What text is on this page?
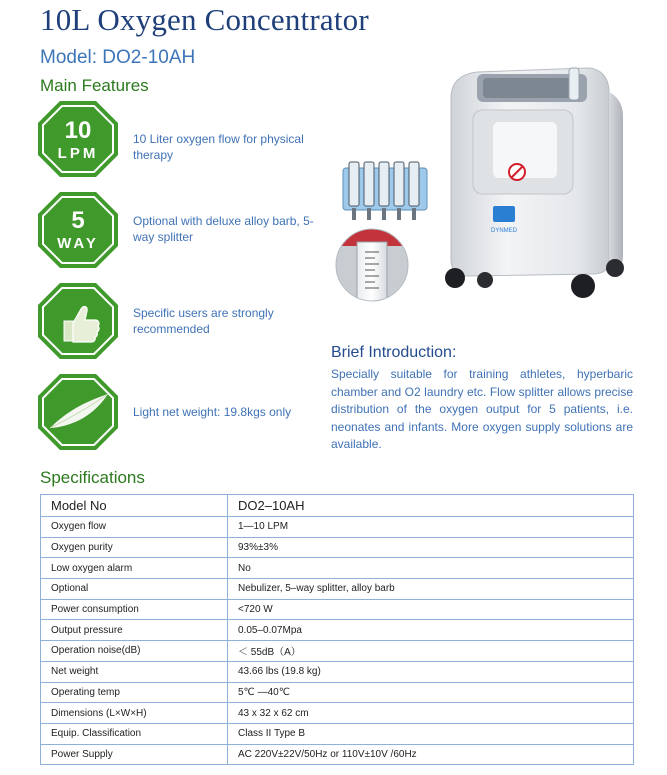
10L Oxygen Concentrator
Model: DO2-10AH
Main Features
10
LPM
10 Liter oxygen flow for physical therapy
5
WAY
Optional with deluxe alloy barb, 5-way splitter
Specific users are strongly recommended
Light net weight: 19.8kgs only
DYNMED
Brief Introduction:
Specially suitable for training athletes, hyperbaric chamber and O2 laundry etc. Flow splitter allows precise distribution of the oxygen output for 5 patients, i.e. neonates and infants. More oxygen supply solutions are available.
Specifications
Model No	DO2–10AH
Oxygen flow	1—10 LPM
Oxygen purity	93%±3%
Low oxygen alarm	No
Optional	Nebulizer, 5–way splitter, alloy barb
Power consumption	<720 W
Output pressure	0.05–0.07Mpa
Operation noise(dB)	＜ 55dB（A）
Net weight	43.66 lbs (19.8 kg)
Operating temp	5℃ —40℃
Dimensions (L×W×H)	43 x 32 x 62 cm
Equip. Classification	Class II Type B
Power Supply	AC 220V±22V/50Hz or 110V±10V /60Hz
